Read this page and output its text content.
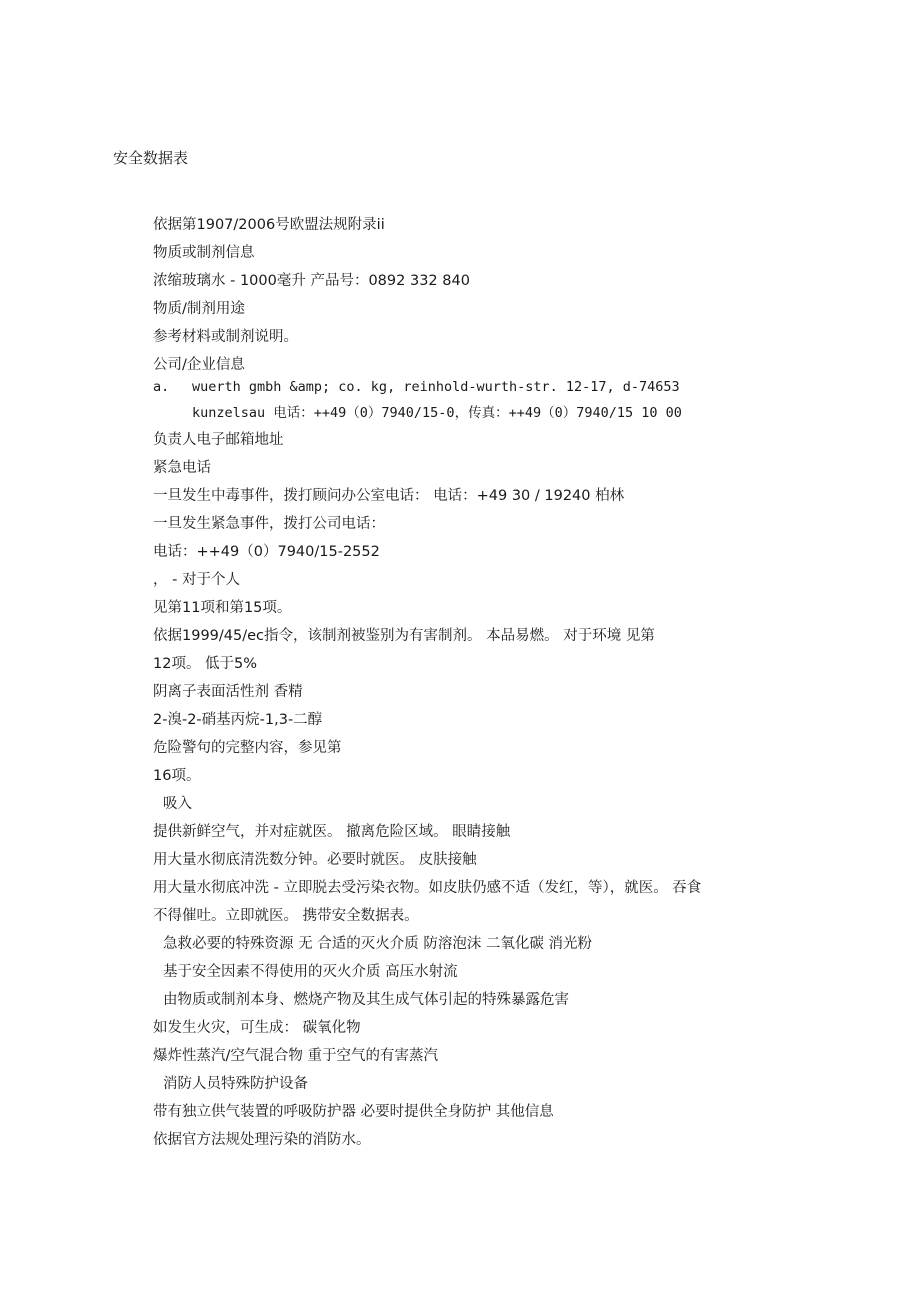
安全数据表
依据第1907/2006号欧盟法规附录ii
物质或制剂信息
浓缩玻璃水 - 1000毫升 产品号：0892 332 840
物质/制剂用途
参考材料或制剂说明。
公司/企业信息
a. wuerth gmbh &amp; co. kg, reinhold-wurth-str. 12-17, d-74653
kunzelsau 电话：++49（0）7940/15-0，传真：++49（0）7940/15 10 00
负责人电子邮箱地址
紧急电话
一旦发生中毒事件，拨打顾问办公室电话： 电话：+49 30 / 19240 柏林
一旦发生紧急事件，拨打公司电话：
电话：++49（0）7940/15-2552
， - 对于个人
见第11项和第15项。
依据1999/45/ec指令，该制剂被鉴别为有害制剂。 本品易燃。 对于环境 见第
12项。 低于5%
阴离子表面活性剂 香精
2-溴-2-硝基丙烷-1,3-二醇
危险警句的完整内容，参见第
16项。
吸入
提供新鲜空气，并对症就医。 撤离危险区域。 眼睛接触
用大量水彻底清洗数分钟。必要时就医。 皮肤接触
用大量水彻底冲洗 - 立即脱去受污染衣物。如皮肤仍感不适（发红，等），就医。 吞食
不得催吐。立即就医。 携带安全数据表。
急救必要的特殊资源 无 合适的灭火介质 防溶泡沫 二氧化碳 消光粉
基于安全因素不得使用的灭火介质 高压水射流
由物质或制剂本身、燃烧产物及其生成气体引起的特殊暴露危害
如发生火灾，可生成： 碳氧化物
爆炸性蒸汽/空气混合物 重于空气的有害蒸汽
消防人员特殊防护设备
带有独立供气装置的呼吸防护器 必要时提供全身防护 其他信息
依据官方法规处理污染的消防水。
